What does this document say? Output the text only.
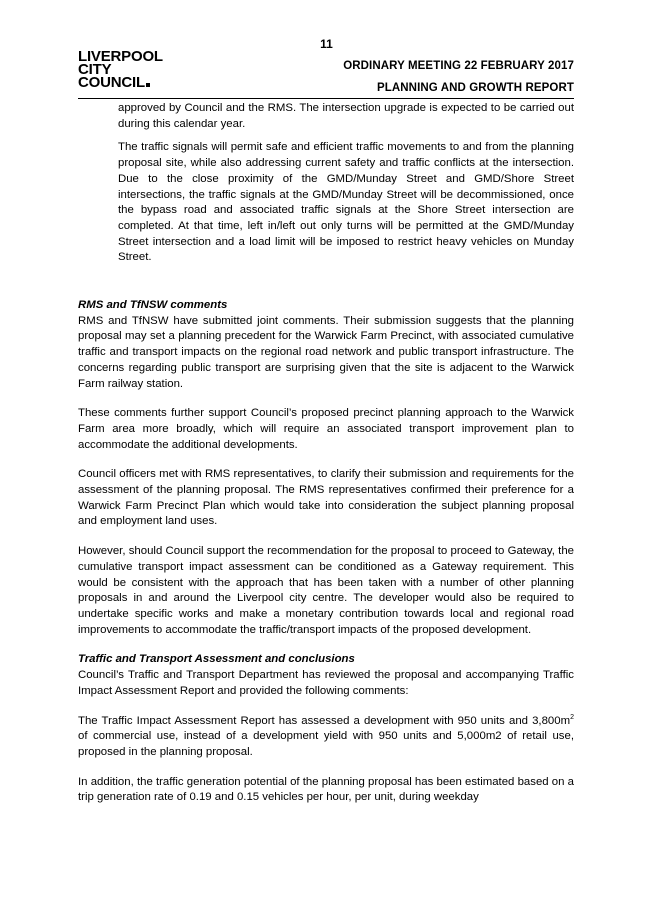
11
LIVERPOOL
CITY
COUNCIL
ORDINARY MEETING 22 FEBRUARY 2017
PLANNING AND GROWTH REPORT

approved by Council and the RMS. The intersection upgrade is expected to be carried out during this calendar year.

The traffic signals will permit safe and efficient traffic movements to and from the planning proposal site, while also addressing current safety and traffic conflicts at the intersection. Due to the close proximity of the GMD/Munday Street and GMD/Shore Street intersections, the traffic signals at the GMD/Munday Street will be decommissioned, once the bypass road and associated traffic signals at the Shore Street intersection are completed. At that time, left in/left out only turns will be permitted at the GMD/Munday Street intersection and a load limit will be imposed to restrict heavy vehicles on Munday Street.

RMS and TfNSW comments

RMS and TfNSW have submitted joint comments. Their submission suggests that the planning proposal may set a planning precedent for the Warwick Farm Precinct, with associated cumulative traffic and transport impacts on the regional road network and public transport infrastructure. The concerns regarding public transport are surprising given that the site is adjacent to the Warwick Farm railway station.

These comments further support Council’s proposed precinct planning approach to the Warwick Farm area more broadly, which will require an associated transport improvement plan to accommodate the additional developments.

Council officers met with RMS representatives, to clarify their submission and requirements for the assessment of the planning proposal. The RMS representatives confirmed their preference for a Warwick Farm Precinct Plan which would take into consideration the subject planning proposal and employment land uses.

However, should Council support the recommendation for the proposal to proceed to Gateway, the cumulative transport impact assessment can be conditioned as a Gateway requirement. This would be consistent with the approach that has been taken with a number of other planning proposals in and around the Liverpool city centre. The developer would also be required to undertake specific works and make a monetary contribution towards local and regional road improvements to accommodate the traffic/transport impacts of the proposed development.

Traffic and Transport Assessment and conclusions

Council’s Traffic and Transport Department has reviewed the proposal and accompanying Traffic Impact Assessment Report and provided the following comments:

The Traffic Impact Assessment Report has assessed a development with 950 units and $3,800m^2$ of commercial use, instead of a development yield with 950 units and 5,000m2 of retail use, proposed in the planning proposal.

In addition, the traffic generation potential of the planning proposal has been estimated based on a trip generation rate of 0.19 and 0.15 vehicles per hour, per unit, during weekday
